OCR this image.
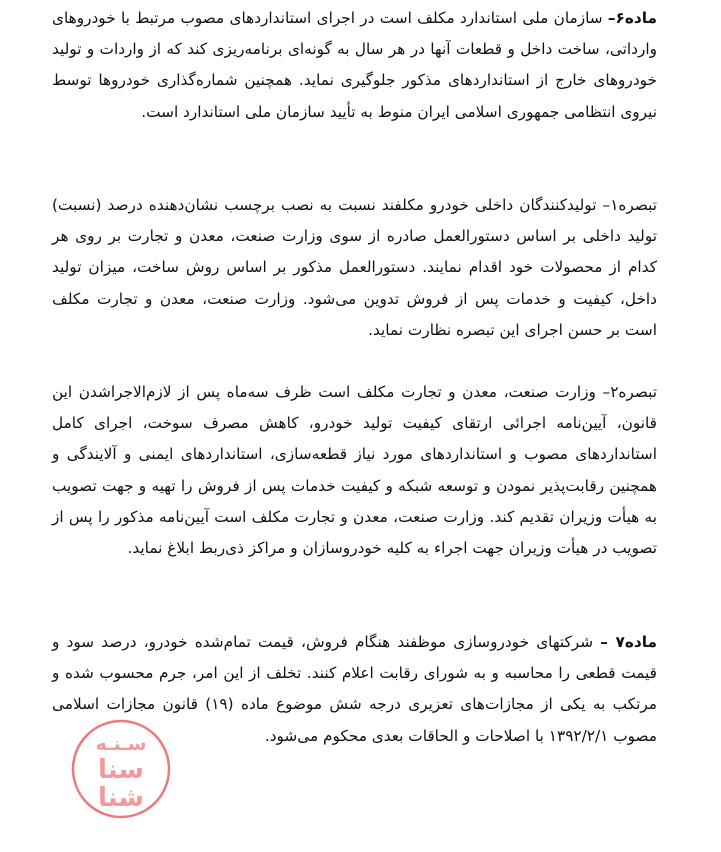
ماده۶– سازمان ملی استاندارد مکلف است در اجرای استانداردهای مصوب مرتبط با خودروهای وارداتی، ساخت داخل و قطعات آنها در هر سال به گونه‌ای برنامه‌ریزی کند که از واردات و تولید خودروهای خارج از استانداردهای مذکور جلوگیری نماید. همچنین شماره‌گذاری خودروها توسط نیروی انتظامی جمهوری اسلامی ایران منوط به تأیید سازمان ملی استاندارد است.

تبصره۱– تولیدکنندگان داخلی خودرو مکلفند نسبت به نصب برچسب نشان‌دهنده درصد (نسبت) تولید داخلی بر اساس دستورالعمل صادره از سوی وزارت صنعت، معدن و تجارت بر روی هر کدام از محصولات خود اقدام نمایند. دستورالعمل مذکور بر اساس روش ساخت، میزان تولید داخل، کیفیت و خدمات پس از فروش تدوین می‌شود. وزارت صنعت، معدن و تجارت مکلف است بر حسن اجرای این تبصره نظارت نماید.

تبصره۲– وزارت صنعت، معدن و تجارت مکلف است ظرف سه‌ماه پس از لازم‌الاجراشدن این قانون، آیین‌نامه اجرائی ارتقای کیفیت تولید خودرو، کاهش مصرف سوخت، اجرای کامل استانداردهای مصوب و استانداردهای مورد نیاز قطعه‌سازی، استانداردهای ایمنی و آلایندگی و همچنین رقابت‌پذیر نمودن و توسعه شبکه و کیفیت خدمات پس از فروش را تهیه و جهت تصویب به هیأت وزیران تقدیم کند. وزارت صنعت، معدن و تجارت مکلف است آیین‌نامه مذکور را پس از تصویب در هیأت وزیران جهت اجراء به کلیه خودروسازان و مراکز ذی‌ربط ابلاغ نماید.

ماده۷ – شرکتهای خودروسازی موظفند هنگام فروش، قیمت تمام‌شده خودرو، درصد سود و قیمت قطعی را محاسبه و به شورای رقابت اعلام کنند. تخلف از این امر، جرم محسوب شده و مرتکب به یکی از مجازات‌های تعزیری درجه شش موضوع ماده (۱۹) قانون مجازات اسلامی مصوب ۱۳۹۲/۲/۱ با اصلاحات و الحاقات بعدی محکوم می‌شود.

سـنـه
سنا
شنا
